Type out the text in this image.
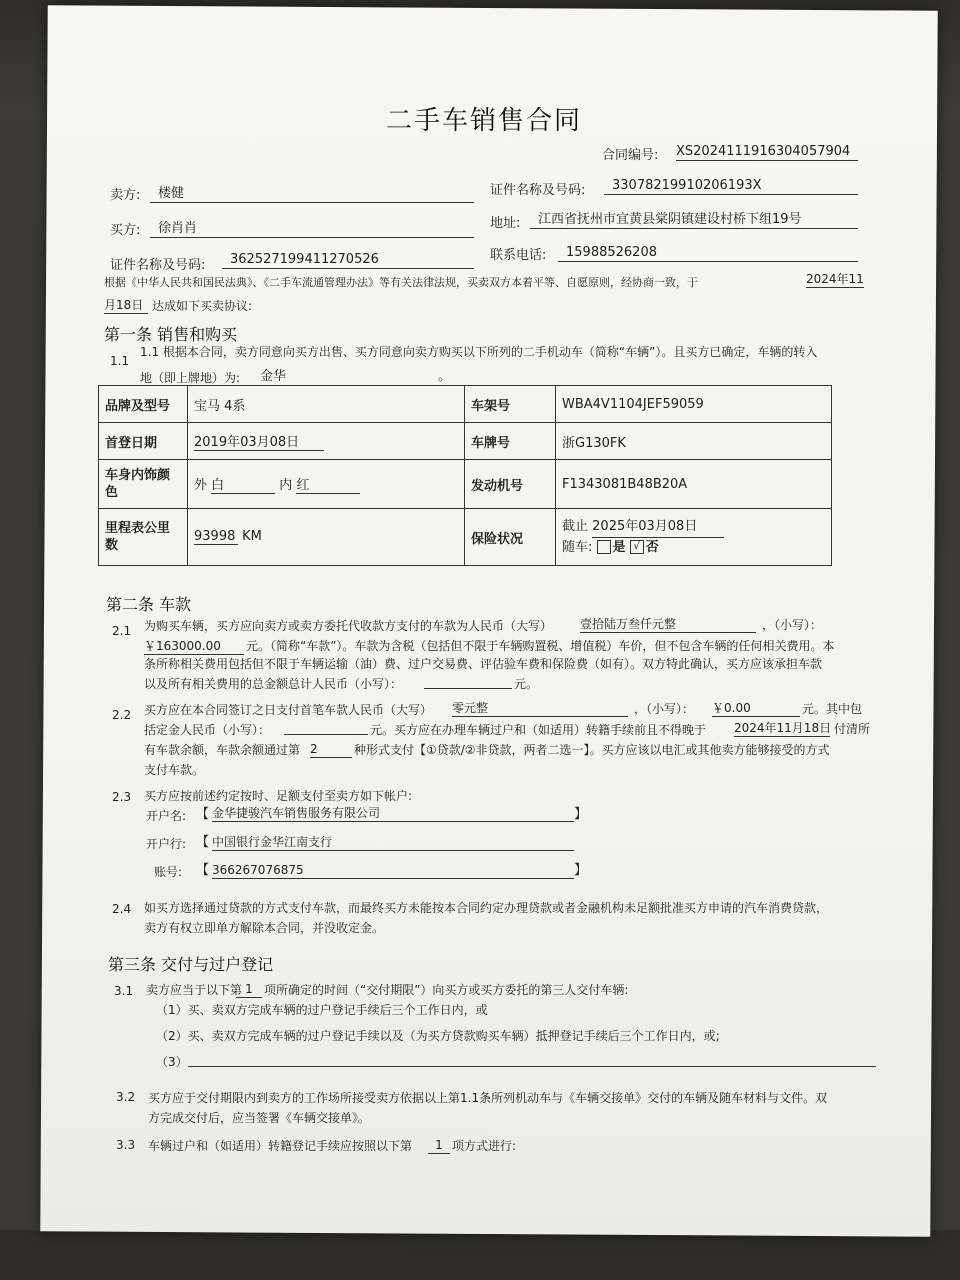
二手车销售合同
合同编号: XS20241119163040579​04
卖方:	楼健	证件名称及号码:	330782199102061​93X
买方:	徐肖肖	地址:	江西省抚州市宜黄县棠阴镇建设村桥下组19号
证件名称及号码:	362527199411270526	联系电话:	15988526208
根据《中华人民共和国民法典》、《二手车流通管理办法》等有关法律法规，买卖双方本着平等、自愿原则，经协商一致，于	2024年11
月18日 达成如下买卖协议:
第一条 销售和购买
1.1
1.1 根据本合同，卖方同意向买方出售、买方同意向卖方购买以下所列的二手机动车（简称“车辆”）。且买方已确定，车辆的转入
地（即上牌地）为:	金华	。
品牌及型号	宝马 4系	车架号	WBA4V1104JEF59059
首登日期	2019年03月08日	车牌号	浙G130FK
车身内饰颜
色	外 白 内 红	发动机号	F1343081B48B20A
里程表公里
数	93998 KM	保险状况	截止 2025年03月08日
随车: 是 √ 否
第二条 车款
2.1 为购买车辆，买方应向卖方或卖方委托代收款方支付的车款为人民币（大写） 壹拾陆万叁仟元整	，（小写）：
￥163000.00	元。（简称“车款”）。车款为含税（包括但不限于车辆购置税、增值税）车价，但不包含车辆的任何相关费用。本
条所称相关费用包括但不限于车辆运输（油）费、过户交易费、评估验车费和保险费（如有）。双方特此确认，买方应该承担车款
以及所有相关费用的总金额总计人民币（小写）：	元。
2.2 买方应在本合同签订之日支付首笔车款人民币（大写） 零元整	，（小写）： ￥0.00	元。其中包
括定金人民币（小写）：	元。买方应在办理车辆过户和（如适用）转籍手续前且不得晚于 2024年11月18日 付清所
有车款余额，车款余额通过第 2	种形式支付【①贷款/②非贷款，两者二选一】。买方应该以电汇或其他卖方能够接受的方式
支付车款。
2.3 买方应按前述约定按时、足额支付至卖方如下帐户:
开户名: 【 金华捷骏汽车销售服务有限公司	】
开户行: 【 中国银行金华江南支行
账号: 【 366267076875	】
2.4 如买方选择通过贷款的方式支付车款，而最终买方未能按本合同约定办理贷款或者金融机构未足额批准买方申请的汽车消费贷款，
卖方有权立即单方解除本合同，并没收定金。
第三条 交付与过户登记
3.1 卖方应当于以下第 1 项所确定的时间（“交付期限”）向买方或买方委托的第三人交付车辆:
（1）买、卖双方完成车辆的过户登记手续后三个工作日内，或
（2）买、卖双方完成车辆的过户登记手续以及（为买方贷款购买车辆）抵押登记手续后三个工作日内，或;
（3）
3.2 买方应于交付期限内到卖方的工作场所接受卖方依据以上第1.1条所列机动车与《车辆交接单》交付的车辆及随车材料与文件。双
方完成交付后，应当签署《车辆交接单》。
3.3 车辆过户和（如适用）转籍登记手续应按照以下第	1 项方式进行:
